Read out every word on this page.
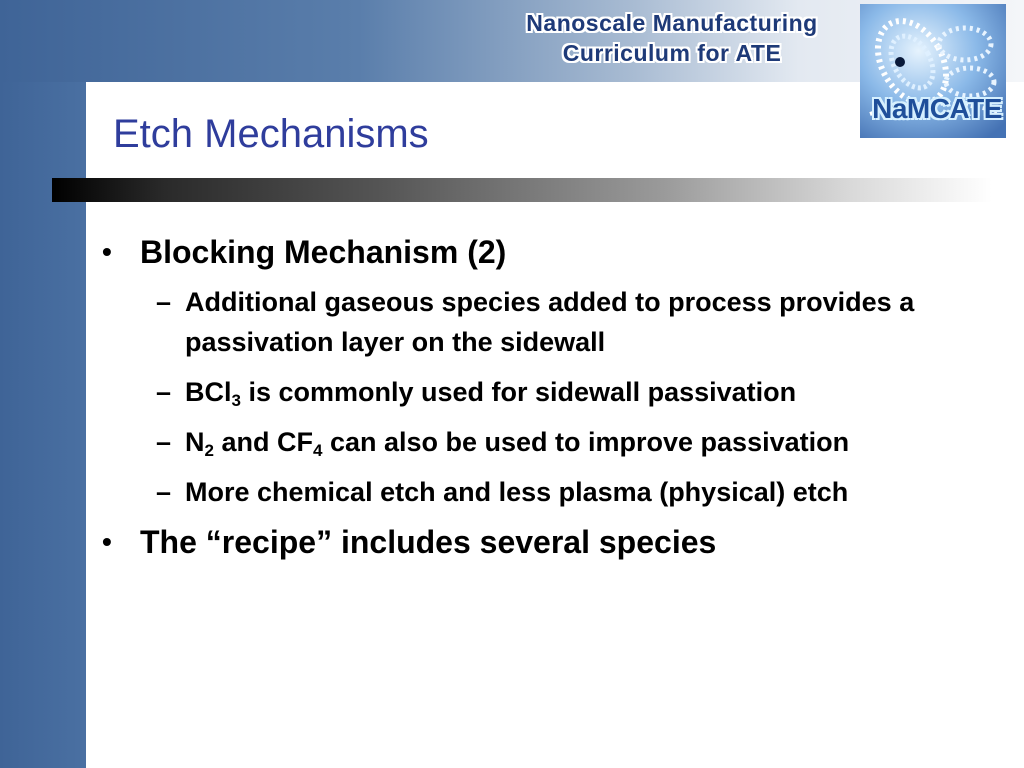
Nanoscale Manufacturing
Curriculum for ATE
NaMCATE
Etch Mechanisms
• Blocking Mechanism (2)
– Additional gaseous species added to process provides a passivation layer on the sidewall
– BCl$_3$ is commonly used for sidewall passivation
– $N_2$ and $CF_4$ can also be used to improve passivation
– More chemical etch and less plasma (physical) etch
• The “recipe” includes several species
